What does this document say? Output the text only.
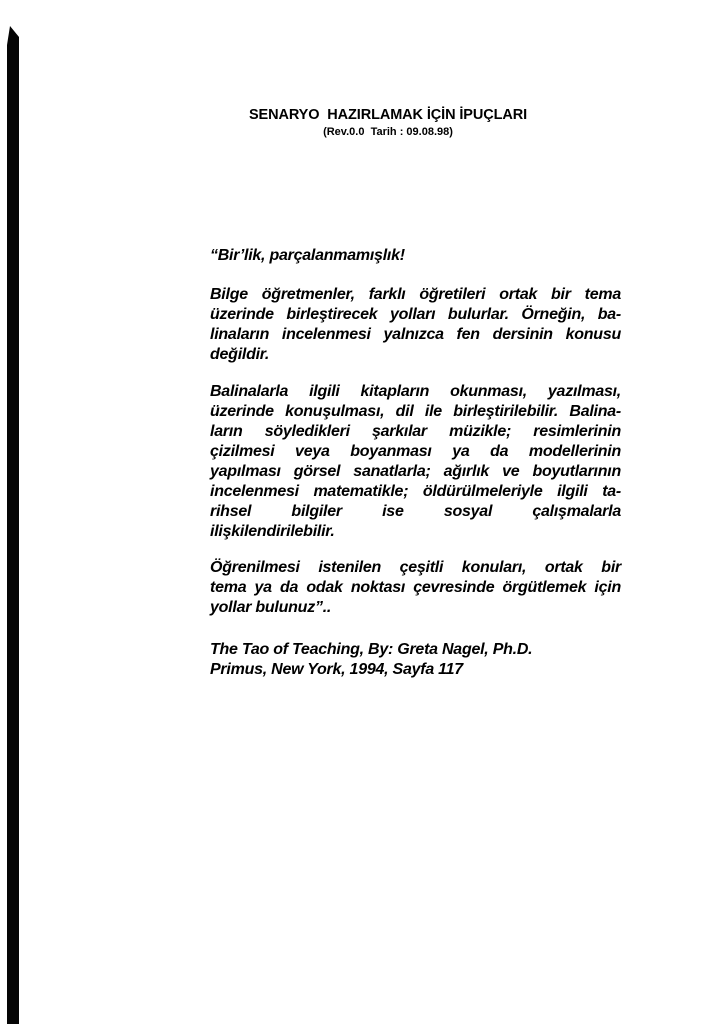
SENARYO  HAZIRLAMAK İÇİN İPUÇLARI
(Rev.0.0  Tarih : 09.08.98)
“Bir’lik, parçalanmamışlık!
Bilge öğretmenler, farklı öğretileri ortak bir tema
üzerinde birleştirecek yolları bulurlar. Örneğin, ba-
linaların incelenmesi yalnızca fen dersinin konusu
değildir.
Balinalarla ilgili kitapların okunması, yazılması,
üzerinde konuşulması, dil ile birleştirilebilir. Balina-
ların söyledikleri şarkılar müzikle; resimlerinin
çizilmesi veya boyanması ya da modellerinin
yapılması görsel sanatlarla; ağırlık ve boyutlarının
incelenmesi matematikle; öldürülmeleriyle ilgili ta-
rihsel bilgiler ise sosyal çalışmalarla
ilişkilendirilebilir.
Öğrenilmesi istenilen çeşitli konuları, ortak bir
tema ya da odak noktası çevresinde örgütlemek için
yollar bulunuz”..
The Tao of Teaching, By: Greta Nagel, Ph.D.
Primus, New York, 1994, Sayfa 117
